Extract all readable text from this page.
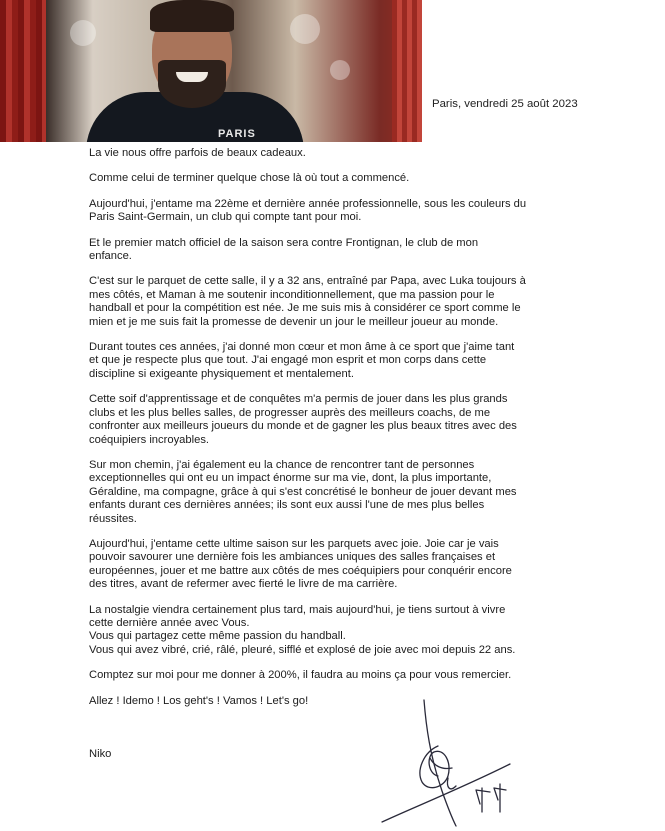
PARIS
Paris, vendredi 25 août 2023
La vie nous offre parfois de beaux cadeaux.
Comme celui de terminer quelque chose là où tout a commencé.
Aujourd'hui, j'entame ma 22ème et dernière année professionnelle, sous les couleurs du
Paris Saint-Germain, un club qui compte tant pour moi.
Et le premier match officiel de la saison sera contre Frontignan, le club de mon
enfance.
C'est sur le parquet de cette salle, il y a 32 ans, entraîné par Papa, avec Luka toujours à
mes côtés, et Maman à me soutenir inconditionnellement, que ma passion pour le
handball et pour la compétition est née. Je me suis mis à considérer ce sport comme le
mien et je me suis fait la promesse de devenir un jour le meilleur joueur au monde.
Durant toutes ces années, j'ai donné mon cœur et mon âme à ce sport que j'aime tant
et que je respecte plus que tout. J'ai engagé mon esprit et mon corps dans cette
discipline si exigeante physiquement et mentalement.
Cette soif d'apprentissage et de conquêtes m'a permis de jouer dans les plus grands
clubs et les plus belles salles, de progresser auprès des meilleurs coachs, de me
confronter aux meilleurs joueurs du monde et de gagner les plus beaux titres avec des
coéquipiers incroyables.
Sur mon chemin, j'ai également eu la chance de rencontrer tant de personnes
exceptionnelles qui ont eu un impact énorme sur ma vie, dont, la plus importante,
Géraldine, ma compagne, grâce à qui s'est concrétisé le bonheur de jouer devant mes
enfants durant ces dernières années; ils sont eux aussi l'une de mes plus belles
réussites.
Aujourd'hui, j'entame cette ultime saison sur les parquets avec joie. Joie car je vais
pouvoir savourer une dernière fois les ambiances uniques des salles françaises et
européennes, jouer et me battre aux côtés de mes coéquipiers pour conquérir encore
des titres, avant de refermer avec fierté le livre de ma carrière.
La nostalgie viendra certainement plus tard, mais aujourd'hui, je tiens surtout à vivre
cette dernière année avec Vous.
Vous qui partagez cette même passion du handball.
Vous qui avez vibré, crié, râlé, pleuré, sifflé et explosé de joie avec moi depuis 22 ans.
Comptez sur moi pour me donner à 200%, il faudra au moins ça pour vous remercier.
Allez ! Idemo ! Los geht's ! Vamos ! Let's go!
Niko
